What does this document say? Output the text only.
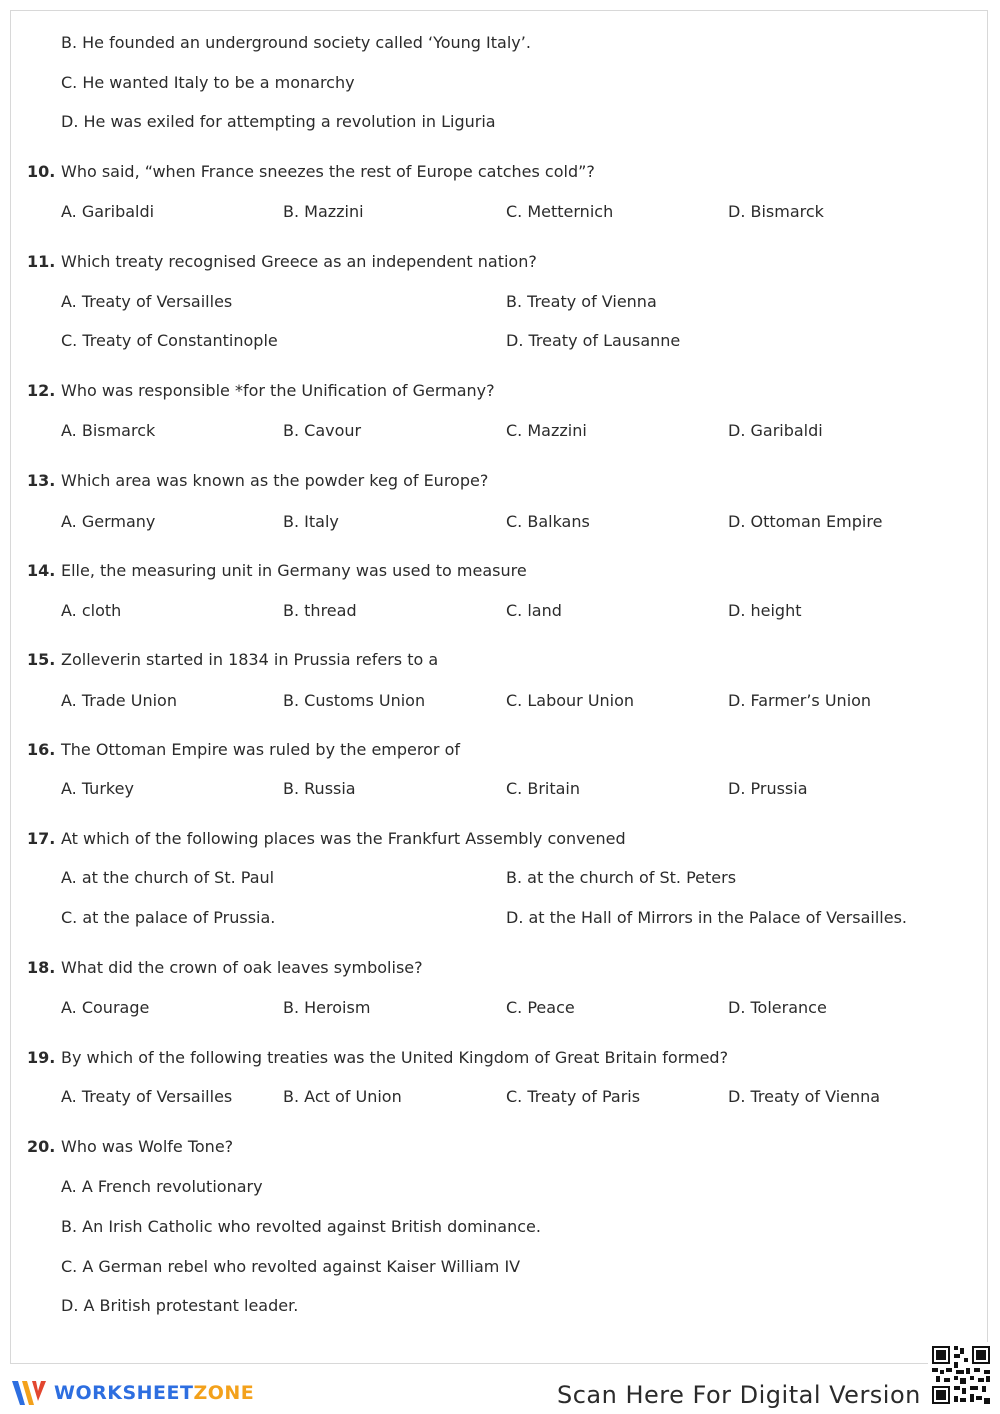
B. He founded an underground society called ‘Young Italy’.
C. He wanted Italy to be a monarchy
D. He was exiled for attempting a revolution in Liguria
10. Who said, “when France sneezes the rest of Europe catches cold”?
A. Garibaldi	B. Mazzini	C. Metternich	D. Bismarck
11. Which treaty recognised Greece as an independent nation?
A. Treaty of Versailles	B. Treaty of Vienna
C. Treaty of Constantinople	D. Treaty of Lausanne
12. Who was responsible *for the Unification of Germany?
A. Bismarck	B. Cavour	C. Mazzini	D. Garibaldi
13. Which area was known as the powder keg of Europe?
A. Germany	B. Italy	C. Balkans	D. Ottoman Empire
14. Elle, the measuring unit in Germany was used to measure
A. cloth	B. thread	C. land	D. height
15. Zolleverin started in 1834 in Prussia refers to a
A. Trade Union	B. Customs Union	C. Labour Union	D. Farmer’s Union
16. The Ottoman Empire was ruled by the emperor of
A. Turkey	B. Russia	C. Britain	D. Prussia
17. At which of the following places was the Frankfurt Assembly convened
A. at the church of St. Paul	B. at the church of St. Peters
C. at the palace of Prussia.	D. at the Hall of Mirrors in the Palace of Versailles.
18. What did the crown of oak leaves symbolise?
A. Courage	B. Heroism	C. Peace	D. Tolerance
19. By which of the following treaties was the United Kingdom of Great Britain formed?
A. Treaty of Versailles	B. Act of Union	C. Treaty of Paris	D. Treaty of Vienna
20. Who was Wolfe Tone?
A. A French revolutionary
B. An Irish Catholic who revolted against British dominance.
C. A German rebel who revolted against Kaiser William IV
D. A British protestant leader.
WORKSHEETZONE	Scan Here For Digital Version
